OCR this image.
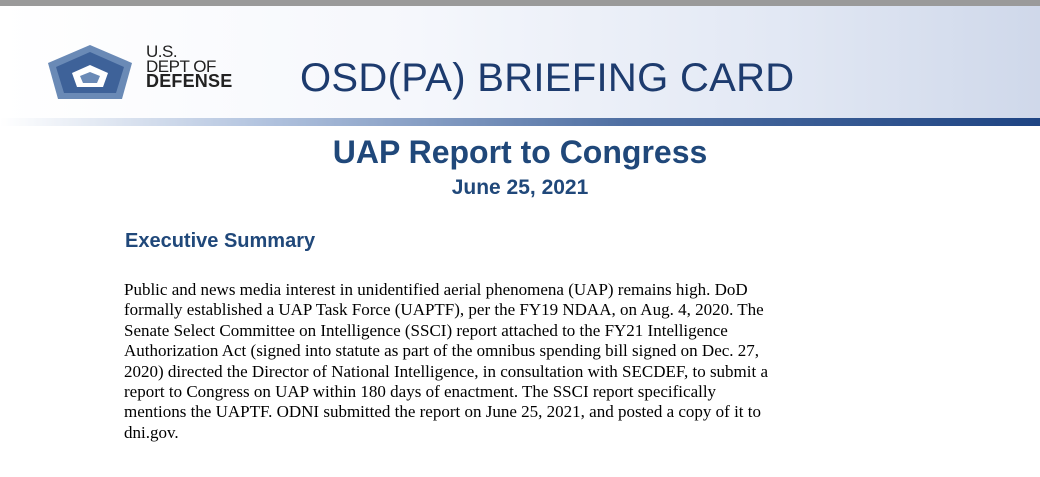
U.S.
DEPT OF
DEFENSE OSD(PA) BRIEFING CARD
UAP Report to Congress
June 25, 2021
Executive Summary
Public and news media interest in unidentified aerial phenomena (UAP) remains high. DoD
formally established a UAP Task Force (UAPTF), per the FY19 NDAA, on Aug. 4, 2020. The
Senate Select Committee on Intelligence (SSCI) report attached to the FY21 Intelligence
Authorization Act (signed into statute as part of the omnibus spending bill signed on Dec. 27,
2020) directed the Director of National Intelligence, in consultation with SECDEF, to submit a
report to Congress on UAP within 180 days of enactment. The SSCI report specifically
mentions the UAPTF. ODNI submitted the report on June 25, 2021, and posted a copy of it to
dni.gov.
